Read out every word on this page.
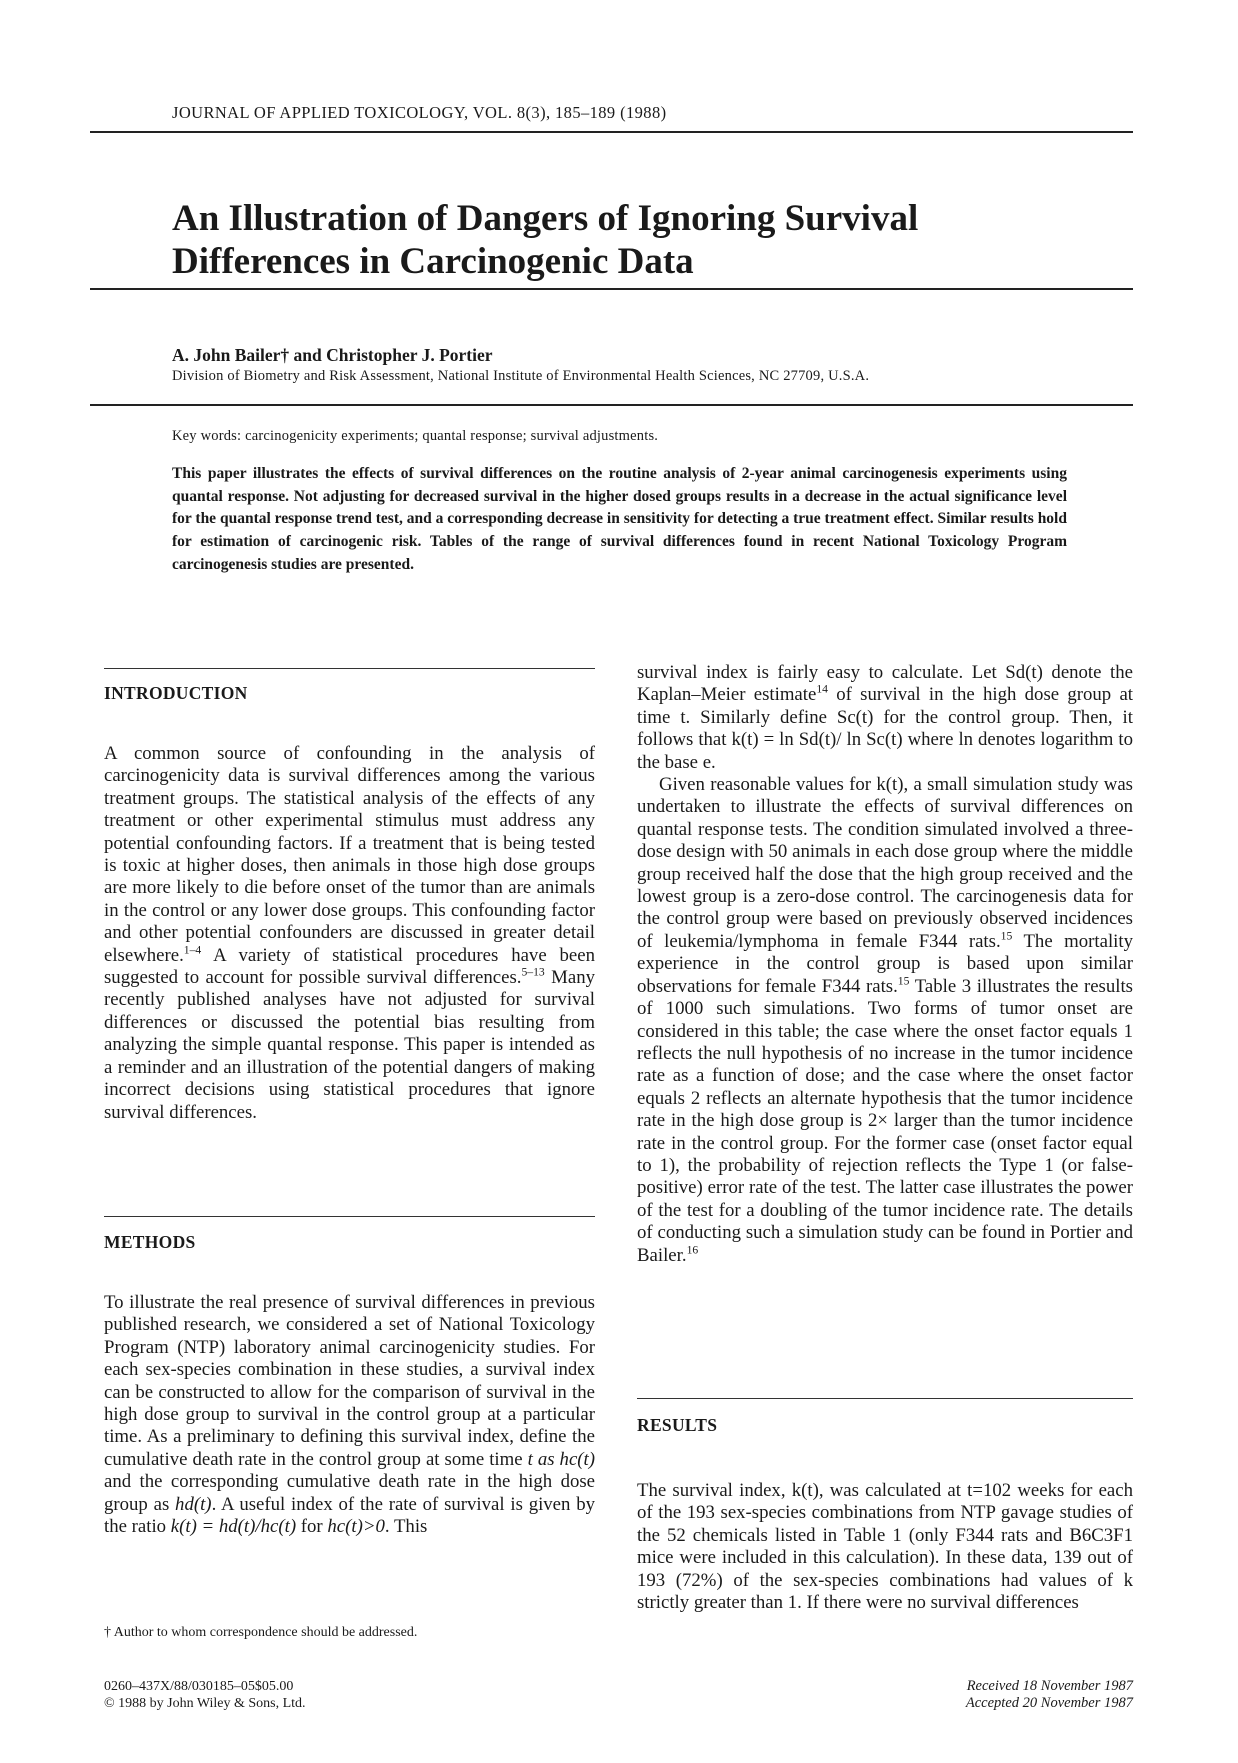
JOURNAL OF APPLIED TOXICOLOGY, VOL. 8(3), 185–189 (1988)
An Illustration of Dangers of Ignoring Survival
Differences in Carcinogenic Data
A. John Bailer† and Christopher J. Portier
Division of Biometry and Risk Assessment, National Institute of Environmental Health Sciences, NC 27709, U.S.A.
Key words: carcinogenicity experiments; quantal response; survival adjustments.
This paper illustrates the effects of survival differences on the routine analysis of 2-year animal carcinogenesis experiments using quantal response. Not adjusting for decreased survival in the higher dosed groups results in a decrease in the actual significance level for the quantal response trend test, and a corresponding decrease in sensitivity for detecting a true treatment effect. Similar results hold for estimation of carcinogenic risk. Tables of the range of survival differences found in recent National Toxicology Program carcinogenesis studies are presented.
INTRODUCTION

A common source of confounding in the analysis of carcinogenicity data is survival differences among the various treatment groups. The statistical analysis of the effects of any treatment or other experimental stimulus must address any potential confounding factors. If a treatment that is being tested is toxic at higher doses, then animals in those high dose groups are more likely to die before onset of the tumor than are animals in the control or any lower dose groups. This confounding factor and other potential confounders are discussed in greater detail elsewhere.$^{1-4}$ A variety of statistical procedures have been suggested to account for possible survival differences.$^{5-13}$ Many recently published analyses have not adjusted for survival differences or discussed the potential bias resulting from analyzing the simple quantal response. This paper is intended as a reminder and an illustration of the potential dangers of making incorrect decisions using statistical procedures that ignore survival differences.

METHODS

To illustrate the real presence of survival differences in previous published research, we considered a set of National Toxicology Program (NTP) laboratory animal carcinogenicity studies. For each sex-species combination in these studies, a survival index can be constructed to allow for the comparison of survival in the high dose group to survival in the control group at a particular time. As a preliminary to defining this survival index, define the cumulative death rate in the control group at some time t as hc(t) and the corresponding cumulative death rate in the high dose group as hd(t). A useful index of the rate of survival is given by the ratio k(t) = hd(t)/hc(t) for hc(t)>0. This

† Author to whom correspondence should be addressed.

survival index is fairly easy to calculate. Let Sd(t) denote the Kaplan–Meier estimate$^{14}$ of survival in the high dose group at time t. Similarly define Sc(t) for the control group. Then, it follows that k(t) = ln Sd(t)/ ln Sc(t) where ln denotes logarithm to the base e.

Given reasonable values for k(t), a small simulation study was undertaken to illustrate the effects of survival differences on quantal response tests. The condition simulated involved a three-dose design with 50 animals in each dose group where the middle group received half the dose that the high group received and the lowest group is a zero-dose control. The carcinogenesis data for the control group were based on previously observed incidences of leukemia/lymphoma in female F344 rats.$^{15}$ The mortality experience in the control group is based upon similar observations for female F344 rats.$^{15}$ Table 3 illustrates the results of 1000 such simulations. Two forms of tumor onset are considered in this table; the case where the onset factor equals 1 reflects the null hypothesis of no increase in the tumor incidence rate as a function of dose; and the case where the onset factor equals 2 reflects an alternate hypothesis that the tumor incidence rate in the high dose group is 2× larger than the tumor incidence rate in the control group. For the former case (onset factor equal to 1), the probability of rejection reflects the Type 1 (or false-positive) error rate of the test. The latter case illustrates the power of the test for a doubling of the tumor incidence rate. The details of conducting such a simulation study can be found in Portier and Bailer.$^{16}$

RESULTS

The survival index, k(t), was calculated at t=102 weeks for each of the 193 sex-species combinations from NTP gavage studies of the 52 chemicals listed in Table 1 (only F344 rats and B6C3F1 mice were included in this calculation). In these data, 139 out of 193 (72%) of the sex-species combinations had values of k strictly greater than 1. If there were no survival differences

0260–437X/88/030185–05$05.00
© 1988 by John Wiley & Sons, Ltd.
Received 18 November 1987
Accepted 20 November 1987
